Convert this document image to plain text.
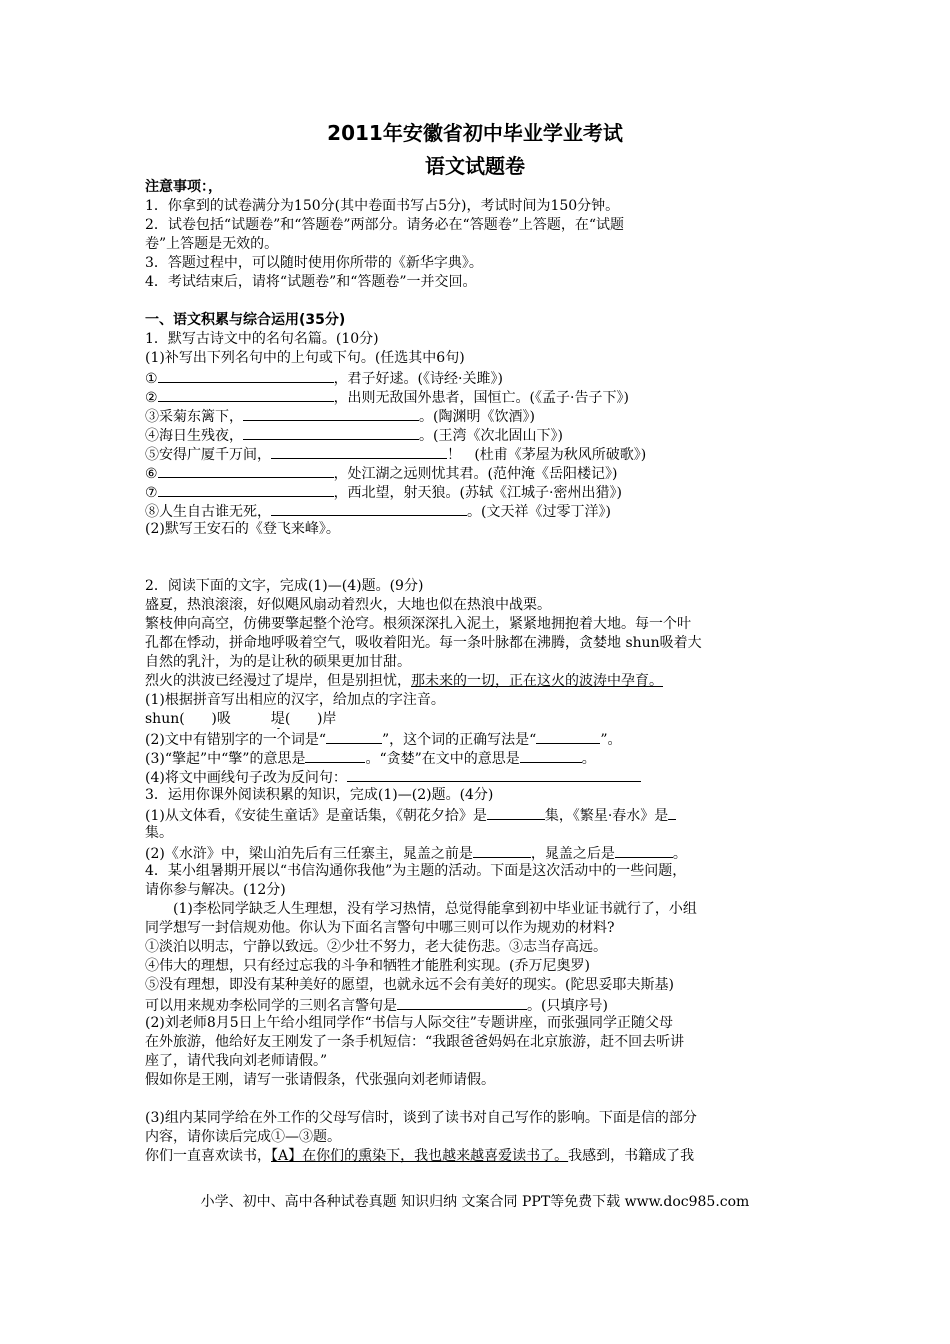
2011年安徽省初中毕业学业考试
语文试题卷
注意事项：，
1．你拿到的试卷满分为150分(其中卷面书写占5分)，考试时间为150分钟。
2．试卷包括“试题卷”和“答题卷”两部分。请务必在“答题卷”上答题，在“试题
卷”上答题是无效的。
3．答题过程中，可以随时使用你所带的《新华字典》。
4．考试结束后，请将“试题卷”和“答题卷”一并交回。
一、语文积累与综合运用(35分)
1．默写古诗文中的名句名篇。(10分)
(1)补写出下列名句中的上句或下句。(任选其中6句)
①	，君子好逑。(《诗经·关雎》)
②	，出则无敌国外患者，国恒亡。(《孟子·告子下》)
③采菊东篱下，	。(陶渊明《饮酒》)
④海日生残夜，	。(王湾《次北固山下》)
⑤安得广厦千万间，	！   (杜甫《茅屋为秋风所破歌》)
⑥	，处江湖之远则忧其君。(范仲淹《岳阳楼记》)
⑦	，西北望，射天狼。(苏轼《江城子·密州出猎》)
⑧人生自古谁无死，	。(文天祥《过零丁洋》)
(2)默写王安石的《登飞来峰》。
2．阅读下面的文字，完成(1)—(4)题。(9分)
盛夏，热浪滚滚，好似飓风扇动着烈火，大地也似在热浪中战栗。
繁枝伸向高空，仿佛要擎起整个沧穹。根须深深扎入泥土，紧紧地拥抱着大地。每一个叶
孔都在悸动，拼命地呼吸着空气，吸收着阳光。每一条叶脉都在沸腾，贪婪地 shun吸着大
自然的乳汁，为的是让秋的硕果更加甘甜。
烈火的洪波已经漫过了堤岸，但是别担忧，那未来的一切，正在这火的波涛中孕育。
(1)根据拼音写出相应的汉字，给加点的字注音。
shun(      )吸	堤(      )岸
(2)文中有错别字的一个词是“	”，这个词的正确写法是“	”。
(3)“擎起”中“擎”的意思是	。“贪婪”在文中的意思是	。
(4)将文中画线句子改为反问句：
3．运用你课外阅读积累的知识，完成(1)—(2)题。(4分)
(1)从文体看，《安徒生童话》是童话集，《朝花夕拾》是	集，《繁星·春水》是
集。
(2)《水浒》中，梁山泊先后有三任寨主，晁盖之前是	，晁盖之后是	。
4．某小组暑期开展以“书信沟通你我他”为主题的活动。下面是这次活动中的一些问题，
请你参与解决。(12分)
(1)李松同学缺乏人生理想，没有学习热情，总觉得能拿到初中毕业证书就行了，小组
同学想写一封信规劝他。你认为下面名言警句中哪三则可以作为规劝的材料?
①淡泊以明志，宁静以致远。②少壮不努力，老大徒伤悲。③志当存高远。
④伟大的理想，只有经过忘我的斗争和牺牲才能胜利实现。(乔万尼奥罗)
⑤没有理想，即没有某种美好的愿望，也就永远不会有美好的现实。(陀思妥耶夫斯基)
可以用来规劝李松同学的三则名言警句是	。(只填序号)
(2)刘老师8月5日上午给小组同学作“书信与人际交往”专题讲座，而张强同学正随父母
在外旅游，他给好友王刚发了一条手机短信：“我跟爸爸妈妈在北京旅游，赶不回去听讲
座了，请代我向刘老师请假。”
假如你是王刚，请写一张请假条，代张强向刘老师请假。
(3)组内某同学给在外工作的父母写信时，谈到了读书对自己写作的影响。下面是信的部分
内容，请你读后完成①—③题。
你们一直喜欢读书，【A】在你们的熏染下，我也越来越喜爱读书了。我感到，书籍成了我
小学、初中、高中各种试卷真题 知识归纳 文案合同 PPT等免费下载 www.doc985.com
